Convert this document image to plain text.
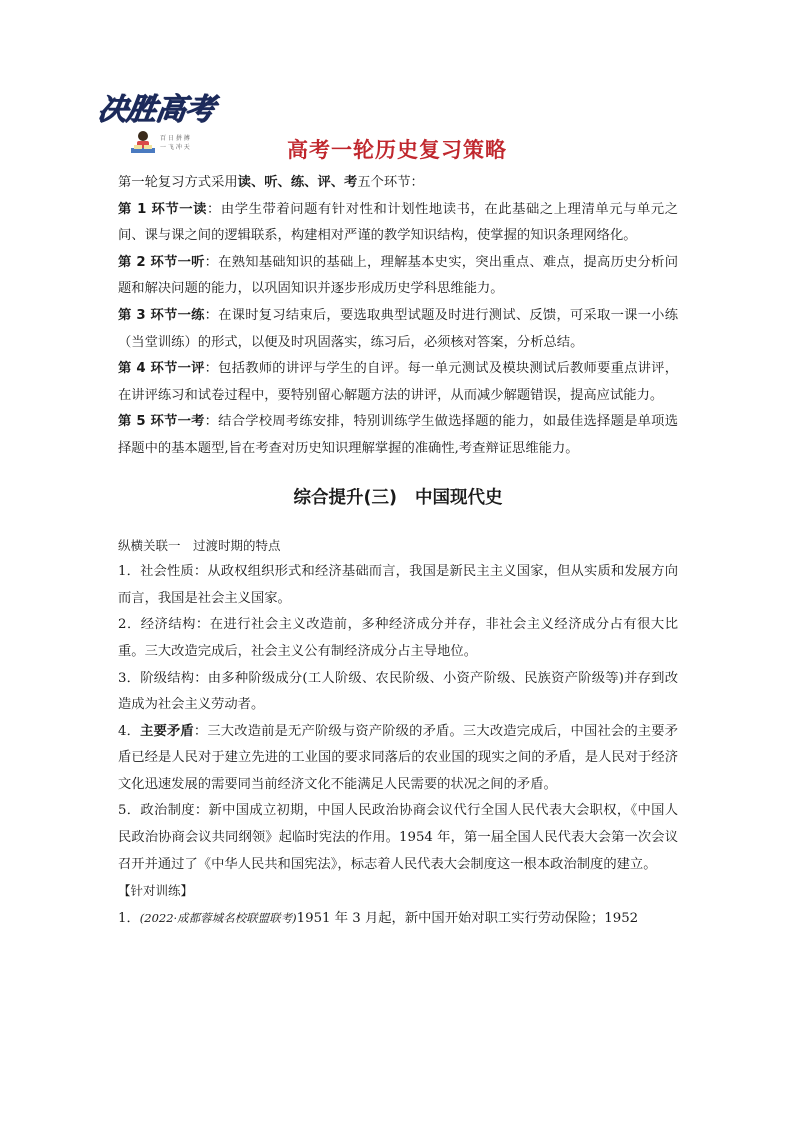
决胜高考
百 日 拼 搏
一 飞 冲 天	高考一轮历史复习策略

第一轮复习方式采用读、听、练、评、考五个环节：

第 1 环节一读：由学生带着问题有针对性和计划性地读书，在此基础之上理清单元与单元之间、课与课之间的逻辑联系，构建相对严谨的教学知识结构，使掌握的知识条理网络化。

第 2 环节一听：在熟知基础知识的基础上，理解基本史实，突出重点、难点，提高历史分析问题和解决问题的能力，以巩固知识并逐步形成历史学科思维能力。

第 3 环节一练：在课时复习结束后，要选取典型试题及时进行测试、反馈，可采取一课一小练（当堂训练）的形式，以便及时巩固落实，练习后，必须核对答案，分析总结。

第 4 环节一评：包括教师的讲评与学生的自评。每一单元测试及模块测试后教师要重点讲评，在讲评练习和试卷过程中，要特别留心解题方法的讲评，从而减少解题错误，提高应试能力。

第 5 环节一考：结合学校周考练安排，特别训练学生做选择题的能力，如最佳选择题是单项选择题中的基本题型,旨在考查对历史知识理解掌握的准确性,考查辩证思维能力。

综合提升(三) 中国现代史

纵横关联一　过渡时期的特点

1．社会性质：从政权组织形式和经济基础而言，我国是新民主主义国家，但从实质和发展方向而言，我国是社会主义国家。

2．经济结构：在进行社会主义改造前，多种经济成分并存，非社会主义经济成分占有很大比重。三大改造完成后，社会主义公有制经济成分占主导地位。

3．阶级结构：由多种阶级成分(工人阶级、农民阶级、小资产阶级、民族资产阶级等)并存到改造成为社会主义劳动者。

4．主要矛盾：三大改造前是无产阶级与资产阶级的矛盾。三大改造完成后，中国社会的主要矛盾已经是人民对于建立先进的工业国的要求同落后的农业国的现实之间的矛盾，是人民对于经济文化迅速发展的需要同当前经济文化不能满足人民需要的状况之间的矛盾。

5．政治制度：新中国成立初期，中国人民政治协商会议代行全国人民代表大会职权，《中国人民政治协商会议共同纲领》起临时宪法的作用。1954 年，第一届全国人民代表大会第一次会议召开并通过了《中华人民共和国宪法》，标志着人民代表大会制度这一根本政治制度的建立。

【针对训练】

1．(2022·成都蓉城名校联盟联考)1951 年 3 月起，新中国开始对职工实行劳动保险；1952
